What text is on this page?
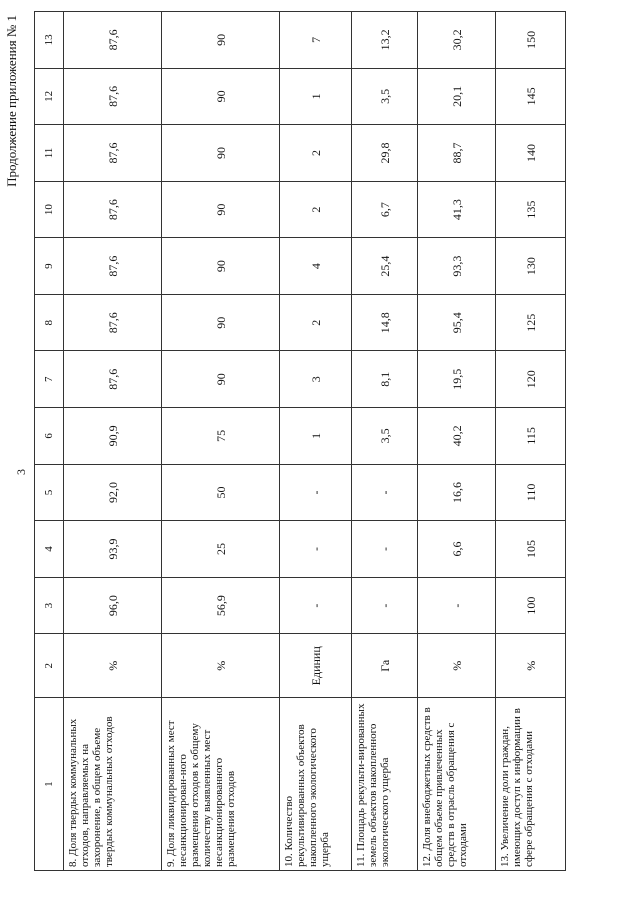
Продолжение приложения № 1
3
1	2	3	4	5	6	7	8	9	10	11	12	13
8. Доля твердых коммунальных отходов, направляемых на захоронение, в общем объеме твердых коммунальных отходов	%	96,0	93,9	92,0	90,9	87,6	87,6	87,6	87,6	87,6	87,6	87,6
9. Доля ликвидированных мест несанкционирован-ного размещения отходов к общему количеству выявленных мест несанкционированного размещения отходов	%	56,9	25	50	75	90	90	90	90	90	90	90
10. Количество рекультивированных объектов накопленного экологического ущерба	Единиц	-	-	-	1	3	2	4	2	2	1	7
11. Площадь рекульти-вированных земель объектов накопленного экологического ущерба	Га	-	-	-	3,5	8,1	14,8	25,4	6,7	29,8	3,5	13,2
12. Доля внебюджетных средств в общем объеме привлеченных средств в отрасль обращения с отходами	%	-	6,6	16,6	40,2	19,5	95,4	93,3	41,3	88,7	20,1	30,2
13. Увеличение доли граждан, имеющих доступ к информации в сфере обращения с отходами	%	100	105	110	115	120	125	130	135	140	145	150
